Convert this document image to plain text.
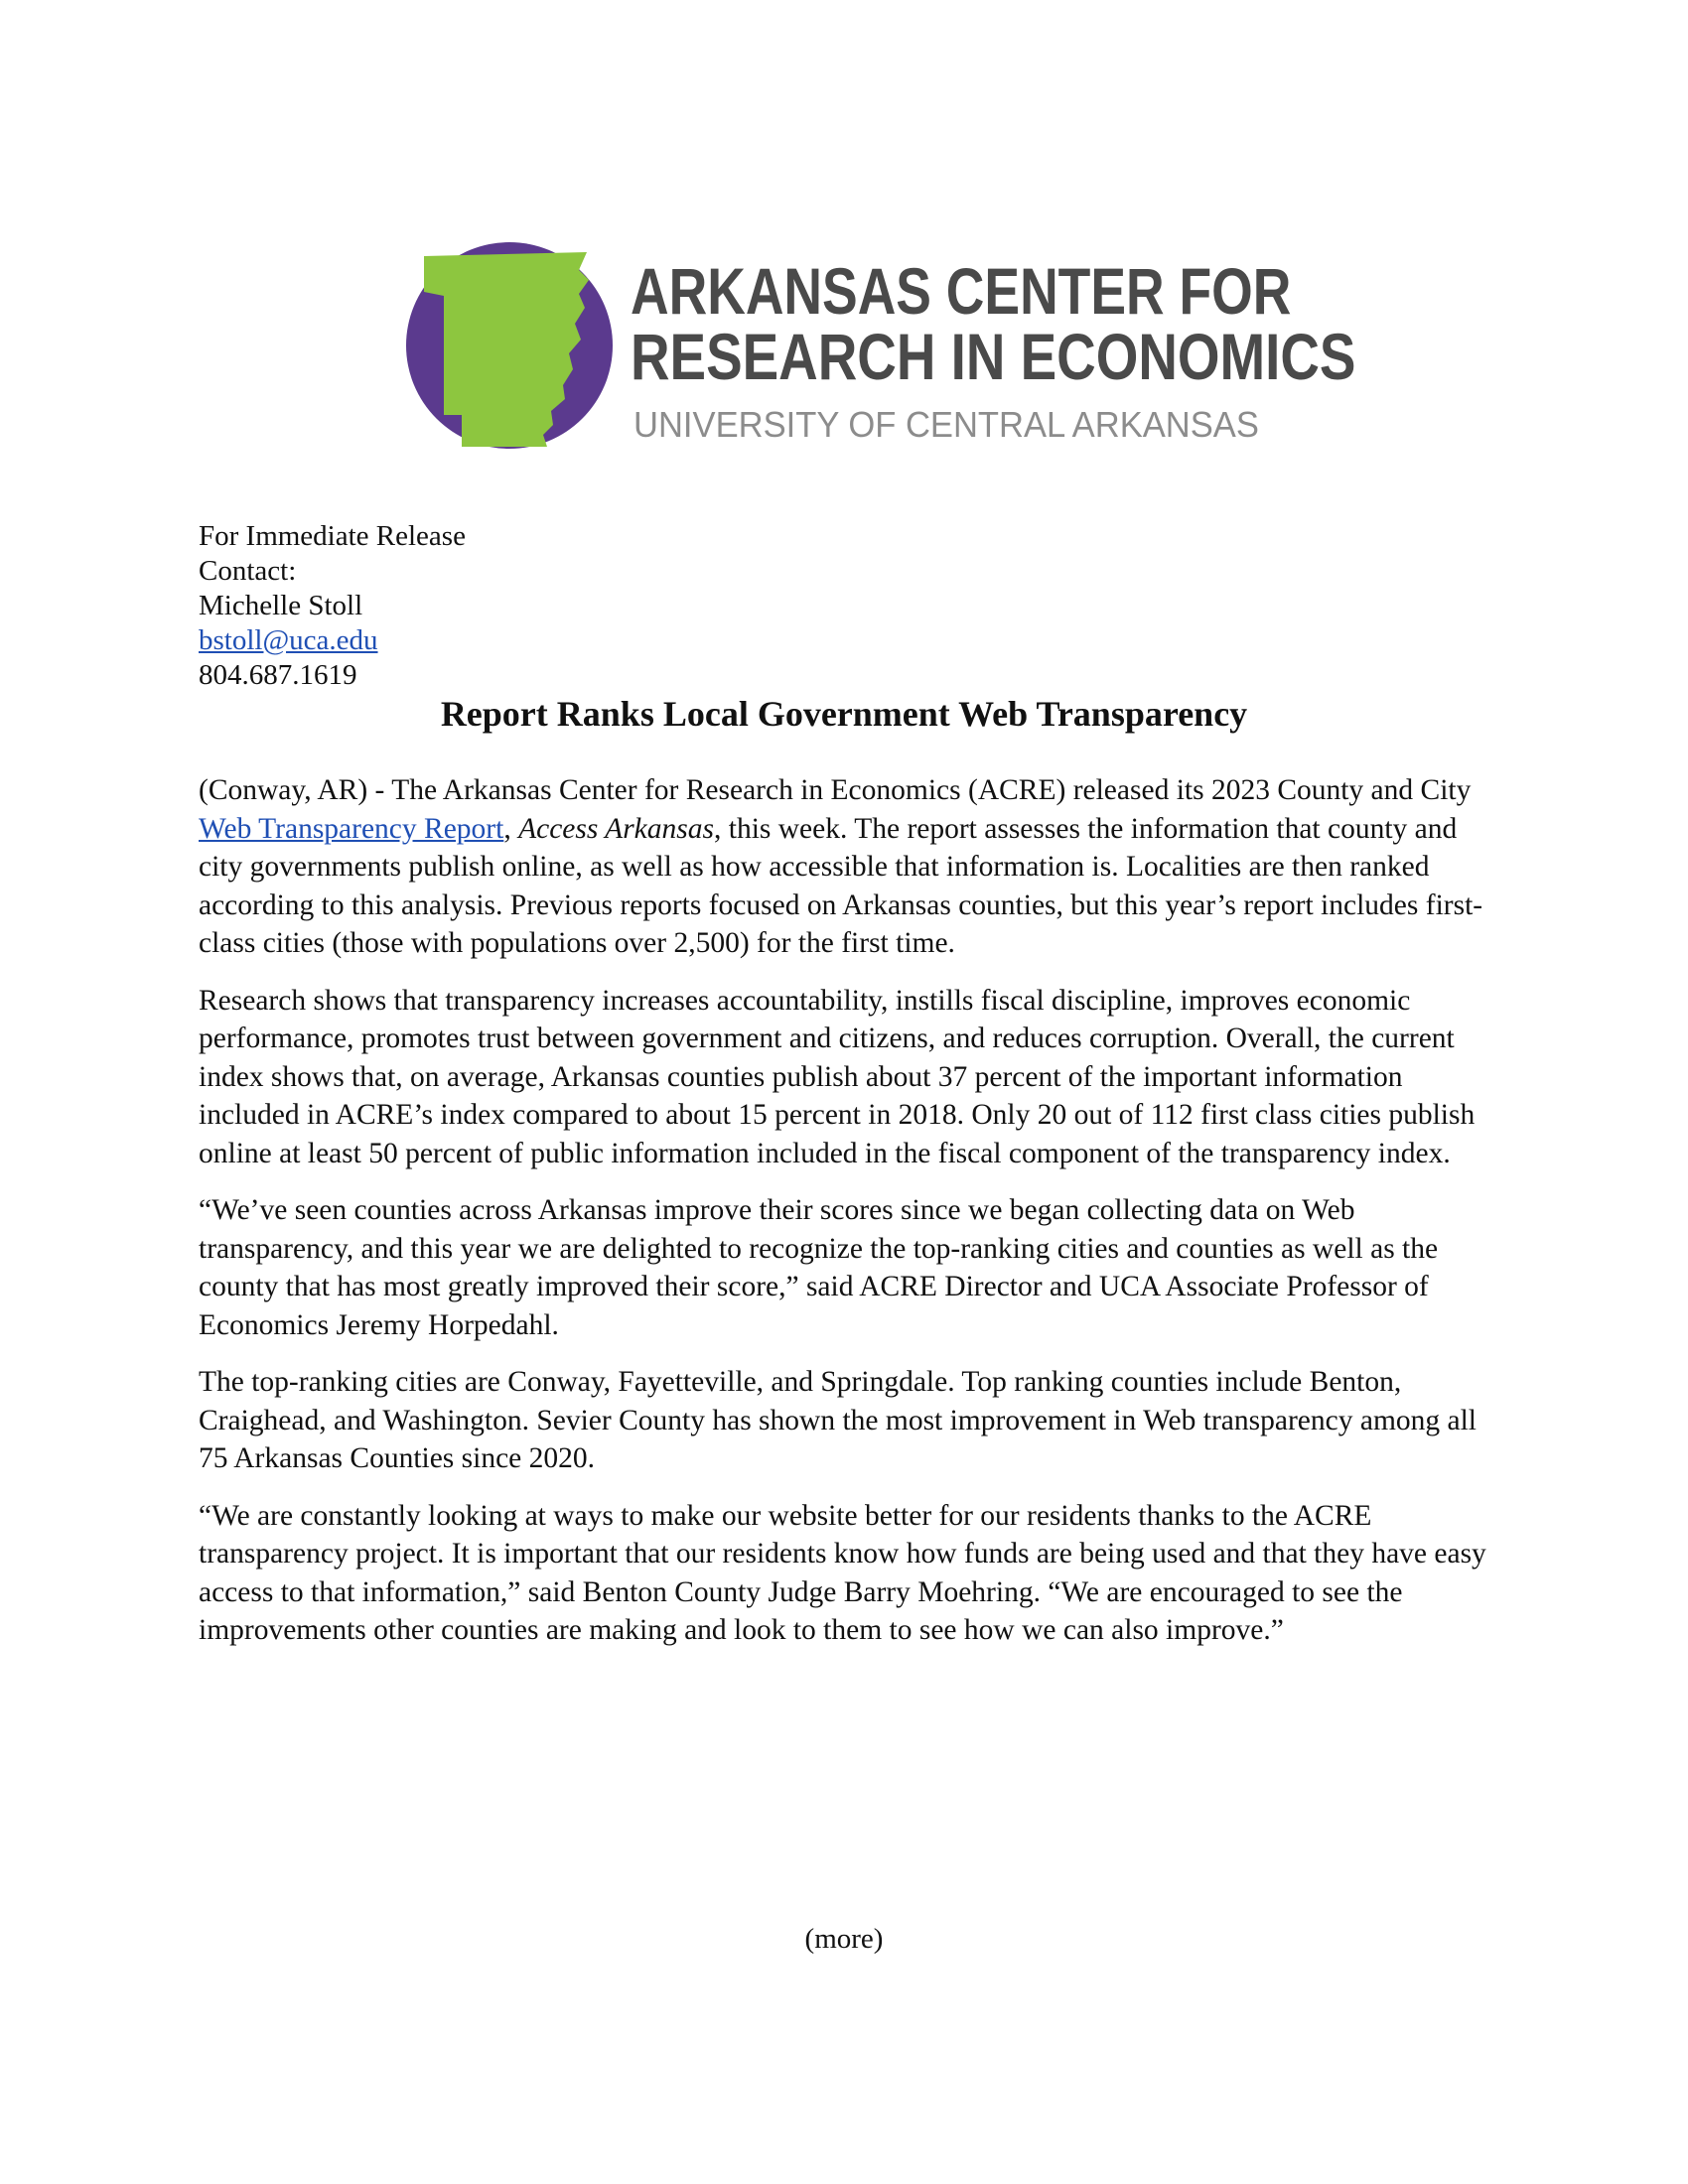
ARKANSAS CENTER FOR
RESEARCH IN ECONOMICS
UNIVERSITY OF CENTRAL ARKANSAS
For Immediate Release
Contact:
Michelle Stoll
bstoll@uca.edu
804.687.1619
Report Ranks Local Government Web Transparency

(Conway, AR) - The Arkansas Center for Research in Economics (ACRE) released its 2023 County and City Web Transparency Report, Access Arkansas, this week. The report assesses the information that county and city governments publish online, as well as how accessible that information is. Localities are then ranked according to this analysis. Previous reports focused on Arkansas counties, but this year’s report includes first-class cities (those with populations over 2,500) for the first time.

Research shows that transparency increases accountability, instills fiscal discipline, improves economic performance, promotes trust between government and citizens, and reduces corruption. Overall, the current index shows that, on average, Arkansas counties publish about 37 percent of the important information included in ACRE’s index compared to about 15 percent in 2018. Only 20 out of 112 first class cities publish online at least 50 percent of public information included in the fiscal component of the transparency index.

“We’ve seen counties across Arkansas improve their scores since we began collecting data on Web transparency, and this year we are delighted to recognize the top-ranking cities and counties as well as the county that has most greatly improved their score,” said ACRE Director and UCA Associate Professor of Economics Jeremy Horpedahl.

The top-ranking cities are Conway, Fayetteville, and Springdale. Top ranking counties include Benton, Craighead, and Washington. Sevier County has shown the most improvement in Web transparency among all 75 Arkansas Counties since 2020.

“We are constantly looking at ways to make our website better for our residents thanks to the ACRE transparency project. It is important that our residents know how funds are being used and that they have easy access to that information,” said Benton County Judge Barry Moehring. “We are encouraged to see the improvements other counties are making and look to them to see how we can also improve.”

(more)
